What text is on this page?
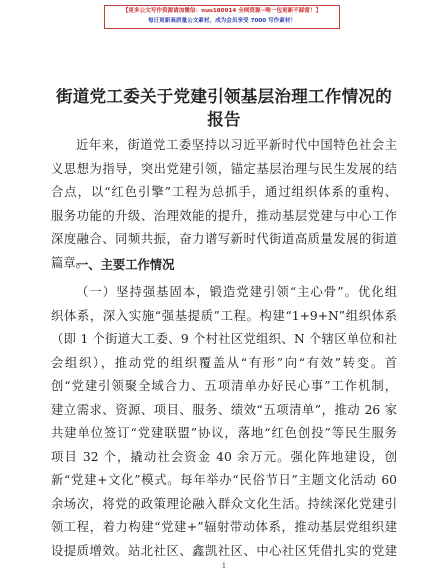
【更多公文写作资源请加微信：nuo180914 全网资源~唯一包更新不踩雷！】
每日更新高质量公文素材，成为会员享受 7000 写作素材！
街道党工委关于党建引领基层治理工作情况的
报告
近年来，街道党工委坚持以习近平新时代中国特色社会主
义思想为指导，突出党建引领，锚定基层治理与民生发展的结
合点，以“红色引擎”工程为总抓手，通过组织体系的重构、
服务功能的升级、治理效能的提升，推动基层党建与中心工作
深度融合、同频共振，奋力谱写新时代街道高质量发展的街道
篇章。
一、主要工作情况
（一）坚持强基固本，锻造党建引领“主心骨”。优化组
织体系，深入实施“强基提质”工程。构建“1+9+N”组织体系
（即 1 个街道大工委、9 个村社区党组织、N 个辖区单位和社
会组织），推动党的组织覆盖从“有形”向“有效”转变。首
创“党建引领聚全域合力、五项清单办好民心事”工作机制，
建立需求、资源、项目、服务、绩效“五项清单”，推动 26 家
共建单位签订“党建联盟”协议，落地“红色创投”等民生服务
项目 32 个，撬动社会资金 40 余万元。强化阵地建设，创
新“党建+文化”模式。每年举办“民俗节日”主题文化活动 60
余场次，将党的政策理论融入群众文化生活。持续深化党建引
领工程，着力构建“党建+”辐射带动体系，推动基层党组织建
设提质增效。站北社区、鑫凯社区、中心社区凭借扎实的党建
1
